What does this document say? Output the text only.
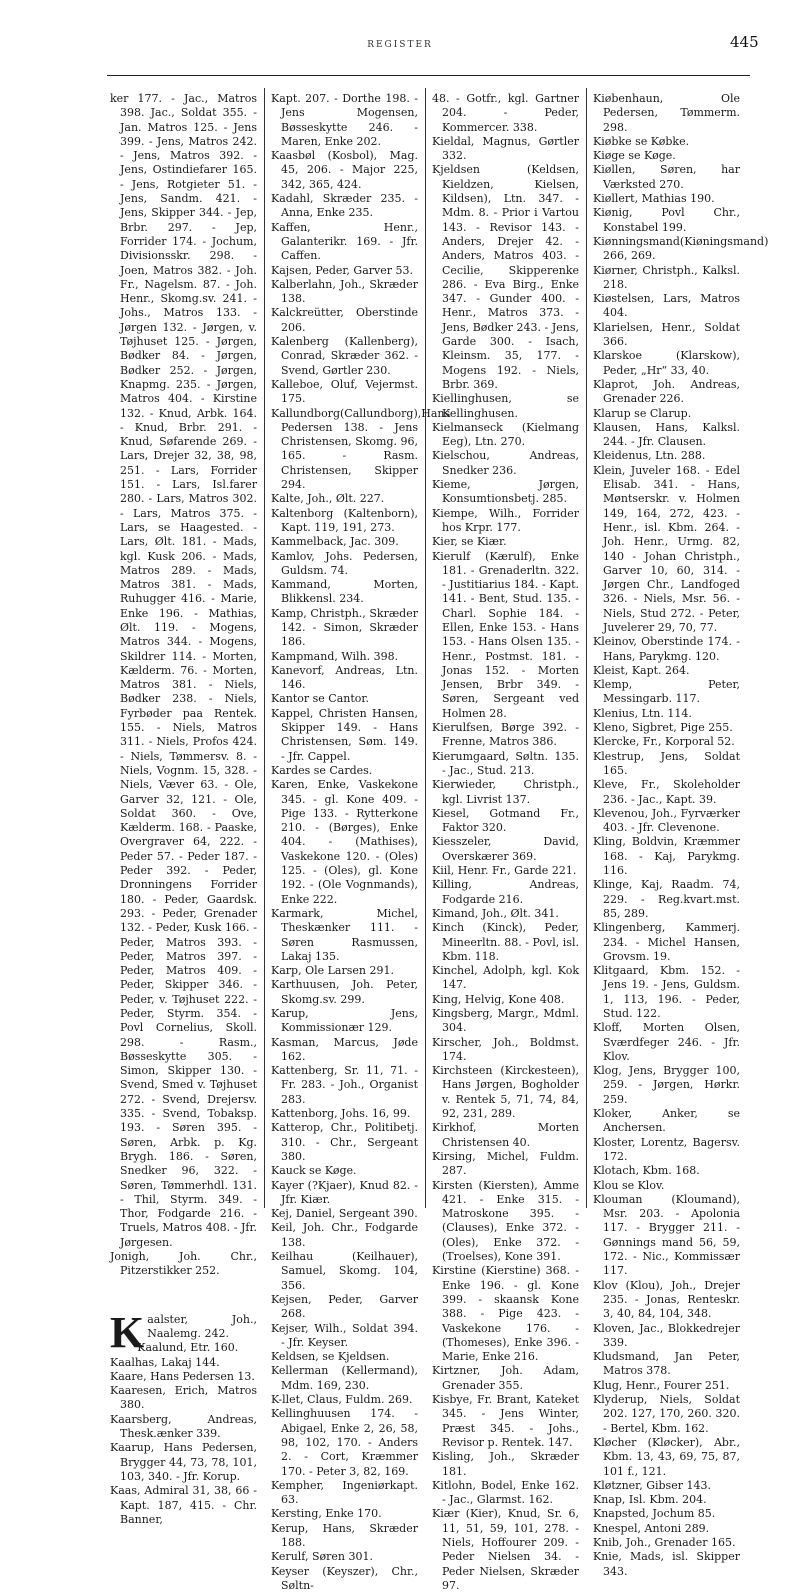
REGISTER	445

ker 177. - Jac., Matros 398. Jac., Soldat 355. - Jan. Matros 125. - Jens 399. - Jens, Matros 242. - Jens, Matros 392. - Jens, Ostindiefarer 165. - Jens, Rotgieter 51. - Jens, Sandm. 421. - Jens, Skipper 344. - Jep, Brbr. 297. - Jep, Forrider 174. - Jochum, Divisionsskr. 298. - Joen, Matros 382. - Joh. Fr., Nagelsm. 87. - Joh. Henr., Skomg.sv. 241. - Johs., Matros 133. - Jørgen 132. - Jørgen, v. Tøjhuset 125. - Jørgen, Bødker 84. - Jørgen, Bødker 252. - Jørgen, Knapmg. 235. - Jørgen, Matros 404. - Kirstine 132. - Knud, Arbk. 164. - Knud, Brbr. 291. - Knud, Søfarende 269. - Lars, Drejer 32, 38, 98, 251. - Lars, Forrider 151. - Lars, Isl.farer 280. - Lars, Matros 302. - Lars, Matros 375. - Lars, se Haagested. - Lars, Ølt. 181. - Mads, kgl. Kusk 206. - Mads, Matros 289. - Mads, Matros 381. - Mads, Ruhugger 416. - Marie, Enke 196. - Mathias, Ølt. 119. - Mogens, Matros 344. - Mogens, Skildrer 114. - Morten, Kælderm. 76. - Morten, Matros 381. - Niels, Bødker 238. - Niels, Fyrbøder paa Rentek. 155. - Niels, Matros 311. - Niels, Profos 424. - Niels, Tømmersv. 8. - Niels, Vognm. 15, 328. - Niels, Væver 63. - Ole, Garver 32, 121. - Ole, Soldat 360. - Ove, Kælderm. 168. - Paaske, Overgraver 64, 222. - Peder 57. - Peder 187. - Peder 392. - Peder, Dronningens Forrider 180. - Peder, Gaardsk. 293. - Peder, Grenader 132. - Peder, Kusk 166. - Peder, Matros 393. - Peder, Matros 397. - Peder, Matros 409. - Peder, Skipper 346. - Peder, v. Tøjhuset 222. - Peder, Styrm. 354. - Povl Cornelius, Skoll. 298. - Rasm., Bøsseskytte 305. - Simon, Skipper 130. - Svend, Smed v. Tøjhuset 272. - Svend, Drejersv. 335. - Svend, Tobaksp. 193. - Søren 395. - Søren, Arbk. p. Kg. Brygh. 186. - Søren, Snedker 96, 322. - Søren, Tømmerhdl. 131. - Thil, Styrm. 349. - Thor, Fodgarde 216. - Truels, Matros 408. - Jfr. Jørgesen.

Jonigh, Joh. Chr., Pitzerstikker 252.

Kaalster, Joh., Naalemg. 242.

Kaalund, Etr. 160.

Kaalhas, Lakaj 144.

Kaare, Hans Pedersen 13.

Kaaresen, Erich, Matros 380.

Kaarsberg, Andreas, Thesk.ænker 339.

Kaarup, Hans Pedersen, Brygger 44, 73, 78, 101, 103, 340. - Jfr. Korup.

Kaas, Admiral 31, 38, 66 - Kapt. 187, 415. - Chr. Banner,

Kapt. 207. - Dorthe 198. - Jens Mogensen, Bøsseskytte 246. - Maren, Enke 202.

Kaasbøl (Kosbol), Mag. 45, 206. - Major 225, 342, 365, 424.

Kadahl, Skræder 235. - Anna, Enke 235.

Kaffen, Henr., Galanterikr. 169. - Jfr. Caffen.

Kajsen, Peder, Garver 53.

Kalberlahn, Joh., Skræder 138.

Kalckreütter, Oberstinde 206.

Kalenberg (Kallenberg), Conrad, Skræder 362. - Svend, Gørtler 230.

Kalleboe, Oluf, Vejermst. 175.

Kallundborg(Callundborg),Hans Pedersen 138. - Jens Christensen, Skomg. 96, 165. - Rasm. Christensen, Skipper 294.

Kalte, Joh., Ølt. 227.

Kaltenborg (Kaltenborn), Kapt. 119, 191, 273.

Kammelback, Jac. 309.

Kamlov, Johs. Pedersen, Guldsm. 74.

Kammand, Morten, Blikkensl. 234.

Kamp, Christph., Skræder 142. - Simon, Skræder 186.

Kampmand, Wilh. 398.

Kanevorf, Andreas, Ltn. 146.

Kantor se Cantor.

Kappel, Christen Hansen, Skipper 149. - Hans Christensen, Søm. 149. - Jfr. Cappel.

Kardes se Cardes.

Karen, Enke, Vaskekone 345. - gl. Kone 409. - Pige 133. - Rytterkone 210. - (Børges), Enke 404. - (Mathises), Vaskekone 120. - (Oles) 125. - (Oles), gl. Kone 192. - (Ole Vognmands), Enke 222.

Karmark, Michel, Theskænker 111. - Søren Rasmussen, Lakaj 135.

Karp, Ole Larsen 291.

Karthuusen, Joh. Peter, Skomg.sv. 299.

Karup, Jens, Kommissionær 129.

Kasman, Marcus, Jøde 162.

Kattenberg, Sr. 11, 71. - Fr. 283. - Joh., Organist 283.

Kattenborg, Johs. 16, 99.

Katterop, Chr., Politibetj. 310. - Chr., Sergeant 380.

Kauck se Køge.

Kayer (?Kjaer), Knud 82. - Jfr. Kiær.

Kej, Daniel, Sergeant 390.

Keil, Joh. Chr., Fodgarde 138.

Keilhau (Keilhauer), Samuel, Skomg. 104, 356.

Kejsen, Peder, Garver 268.

Kejser, Wilh., Soldat 394. - Jfr. Keyser.

Keldsen, se Kjeldsen.

Kellerman (Kellermand), Mdm. 169, 230.

K-llet, Claus, Fuldm. 269.

Kellinghuusen 174. - Abigael, Enke 2, 26, 58, 98, 102, 170. - Anders 2. - Cort, Kræmmer 170. - Peter 3, 82, 169.

Kempher, Ingeniørkapt. 63.

Kersting, Enke 170.

Kerup, Hans, Skræder 188.

Kerulf, Søren 301.

Keyser (Keyszer), Chr., Søltn-

48. - Gotfr., kgl. Gartner 204. - Peder, Kommercer. 338.

Kieldal, Magnus, Gørtler 332.

Kjeldsen (Keldsen, Kieldzen, Kielsen, Kildsen), Ltn. 347. - Mdm. 8. - Prior i Vartou 143. - Revisor 143. - Anders, Drejer 42. - Anders, Matros 403. - Cecilie, Skipperenke 286. - Eva Birg., Enke 347. - Gunder 400. - Henr., Matros 373. - Jens, Bødker 243. - Jens, Garde 300. - Isach, Kleinsm. 35, 177. - Mogens 192. - Niels, Brbr. 369.

Kiellinghusen, se Kellinghusen.

Kielmanseck (Kielmang Eeg), Ltn. 270.

Kielschou, Andreas, Snedker 236.

Kieme, Jørgen, Konsumtionsbetj. 285.

Kiempe, Wilh., Forrider hos Krpr. 177.

Kier, se Kiær.

Kierulf (Kærulf), Enke 181. - Grenaderltn. 322. - Justitiarius 184. - Kapt. 141. - Bent, Stud. 135. - Charl. Sophie 184. - Ellen, Enke 153. - Hans 153. - Hans Olsen 135. - Henr., Postmst. 181. - Jonas 152. - Morten Jensen, Brbr 349. - Søren, Sergeant ved Holmen 28.

Kierulfsen, Børge 392. - Frenne, Matros 386.

Kierumgaard, Søltn. 135. - Jac., Stud. 213.

Kierwieder, Christph., kgl. Livrist 137.

Kiesel, Gotmand Fr., Faktor 320.

Kiesszeler, David, Overskærer 369.

Kiil, Henr. Fr., Garde 221.

Killing, Andreas, Fodgarde 216.

Kimand, Joh., Ølt. 341.

Kinch (Kinck), Peder, Mineerltn. 88. - Povl, isl. Kbm. 118.

Kinchel, Adolph, kgl. Kok 147.

King, Helvig, Kone 408.

Kingsberg, Margr., Mdml. 304.

Kirscher, Joh., Boldmst. 174.

Kirchsteen (Kirckesteen), Hans Jørgen, Bogholder v. Rentek 5, 71, 74, 84, 92, 231, 289.

Kirkhof, Morten Christensen 40.

Kirsing, Michel, Fuldm. 287.

Kirsten (Kiersten), Amme 421. - Enke 315. - Matroskone 395. - (Clauses), Enke 372. - (Oles), Enke 372. - (Troelses), Kone 391.

Kirstine (Kierstine) 368. - Enke 196. - gl. Kone 399. - skaansk Kone 388. - Pige 423. - Vaskekone 176. - (Thomeses), Enke 396. - Marie, Enke 216.

Kirtzner, Joh. Adam, Grenader 355.

Kisbye, Fr. Brant, Kateket 345. - Jens Winter, Præst 345. - Johs., Revisor p. Rentek. 147.

Kisling, Joh., Skræder 181.

Kitlohn, Bodel, Enke 162. - Jac., Glarmst. 162.

Kiær (Kier), Knud, Sr. 6, 11, 51, 59, 101, 278. - Niels, Hoffourer 209. - Peder Nielsen 34. - Peder Nielsen, Skræder 97.

Kiøbenhaun, Ole Pedersen, Tømmerm. 298.

Kiøbke se Købke.

Kiøge se Køge.

Kiøllen, Søren, har Værksted 270.

Kiøllert, Mathias 190.

Kiønig, Povl Chr., Konstabel 199.

Kiønningsmand(Kiøningsmand) 266, 269.

Kiørner, Christph., Kalksl. 218.

Kiøstelsen, Lars, Matros 404.

Klarielsen, Henr., Soldat 366.

Klarskoe (Klarskow), Peder, „Hr“ 33, 40.

Klaprot, Joh. Andreas, Grenader 226.

Klarup se Clarup.

Klausen, Hans, Kalksl. 244. - Jfr. Clausen.

Kleidenus, Ltn. 288.

Klein, Juveler 168. - Edel Elisab. 341. - Hans, Møntserskr. v. Holmen 149, 164, 272, 423. - Henr., isl. Kbm. 264. - Joh. Henr., Urmg. 82, 140 - Johan Christph., Garver 10, 60, 314. - Jørgen Chr., Landfoged 326. - Niels, Msr. 56. - Niels, Stud 272. - Peter, Juvelerer 29, 70, 77.

Kleinov, Oberstinde 174. - Hans, Parykmg. 120.

Kleist, Kapt. 264.

Klemp, Peter, Messingarb. 117.

Klenius, Ltn. 114.

Kleno, Sigbret, Pige 255.

Klercke, Fr., Korporal 52.

Klestrup, Jens, Soldat 165.

Kleve, Fr., Skoleholder 236. - Jac., Kapt. 39.

Klevenou, Joh., Fyrværker 403. - Jfr. Clevenone.

Kling, Boldvin, Kræmmer 168. - Kaj, Parykmg. 116.

Klinge, Kaj, Raadm. 74, 229. - Reg.kvart.mst. 85, 289.

Klingenberg, Kammerj. 234. - Michel Hansen, Grovsm. 19.

Klitgaard, Kbm. 152. - Jens 19. - Jens, Guldsm. 1, 113, 196. - Peder, Stud. 122.

Kloff, Morten Olsen, Sværdfeger 246. - Jfr. Klov.

Klog, Jens, Brygger 100, 259. - Jørgen, Hørkr. 259.

Kloker, Anker, se Anchersen.

Kloster, Lorentz, Bagersv. 172.

Klotach, Kbm. 168.

Klou se Klov.

Klouman (Kloumand), Msr. 203. - Apolonia 117. - Brygger 211. - Gønnings mand 56, 59, 172. - Nic., Kommissær 117.

Klov (Klou), Joh., Drejer 235. - Jonas, Renteskr. 3, 40, 84, 104, 348.

Kloven, Jac., Blokkedrejer 339.

Kludsmand, Jan Peter, Matros 378.

Klug, Henr., Fourer 251.

Klyderup, Niels, Soldat 202. 127, 170, 260. 320. - Bertel, Kbm. 162.

Kløcher (Kløcker), Abr., Kbm. 13, 43, 69, 75, 87, 101 f., 121.

Kløtzner, Gibser 143.

Knap, Isl. Kbm. 204.

Knapsted, Jochum 85.

Knespel, Antoni 289.

Knib, Joh., Grenader 165.

Knie, Mads, isl. Skipper 343.
